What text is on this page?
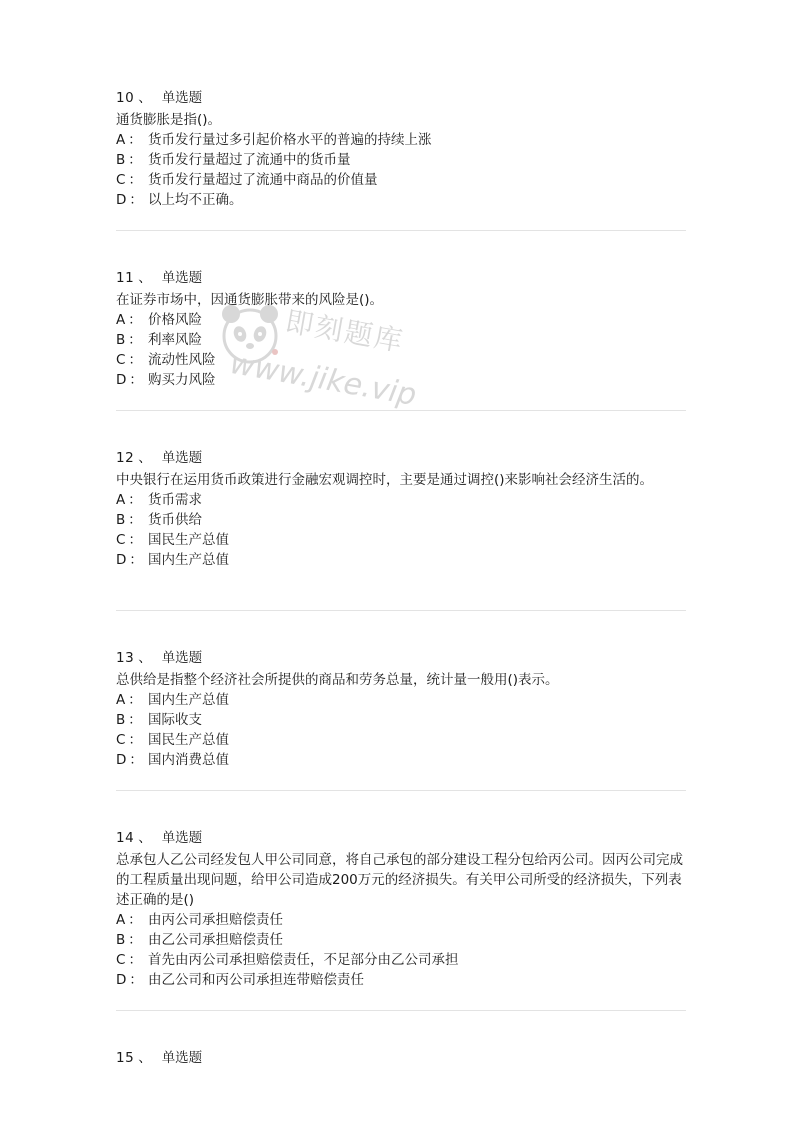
10 、 单选题
通货膨胀是指()。
A ： 货币发行量过多引起价格水平的普遍的持续上涨
B ： 货币发行量超过了流通中的货币量
C ： 货币发行量超过了流通中商品的价值量
D ： 以上均不正确。
11 、 单选题
在证券市场中，因通货膨胀带来的风险是()。
A ： 价格风险
B ： 利率风险
C ： 流动性风险
D ： 购买力风险
12 、 单选题
中央银行在运用货币政策进行金融宏观调控时，主要是通过调控()来影响社会经济生活的。
A ： 货币需求
B ： 货币供给
C ： 国民生产总值
D ： 国内生产总值
13 、 单选题
总供给是指整个经济社会所提供的商品和劳务总量，统计量一般用()表示。
A ： 国内生产总值
B ： 国际收支
C ： 国民生产总值
D ： 国内消费总值
14 、 单选题
总承包人乙公司经发包人甲公司同意，将自己承包的部分建设工程分包给丙公司。因丙公司完成的工程质量出现问题，给甲公司造成200万元的经济损失。有关甲公司所受的经济损失，下列表述正确的是()
A ： 由丙公司承担赔偿责任
B ： 由乙公司承担赔偿责任
C ： 首先由丙公司承担赔偿责任，不足部分由乙公司承担
D ： 由乙公司和丙公司承担连带赔偿责任
15 、 单选题
即刻题库
www.jike.vip
